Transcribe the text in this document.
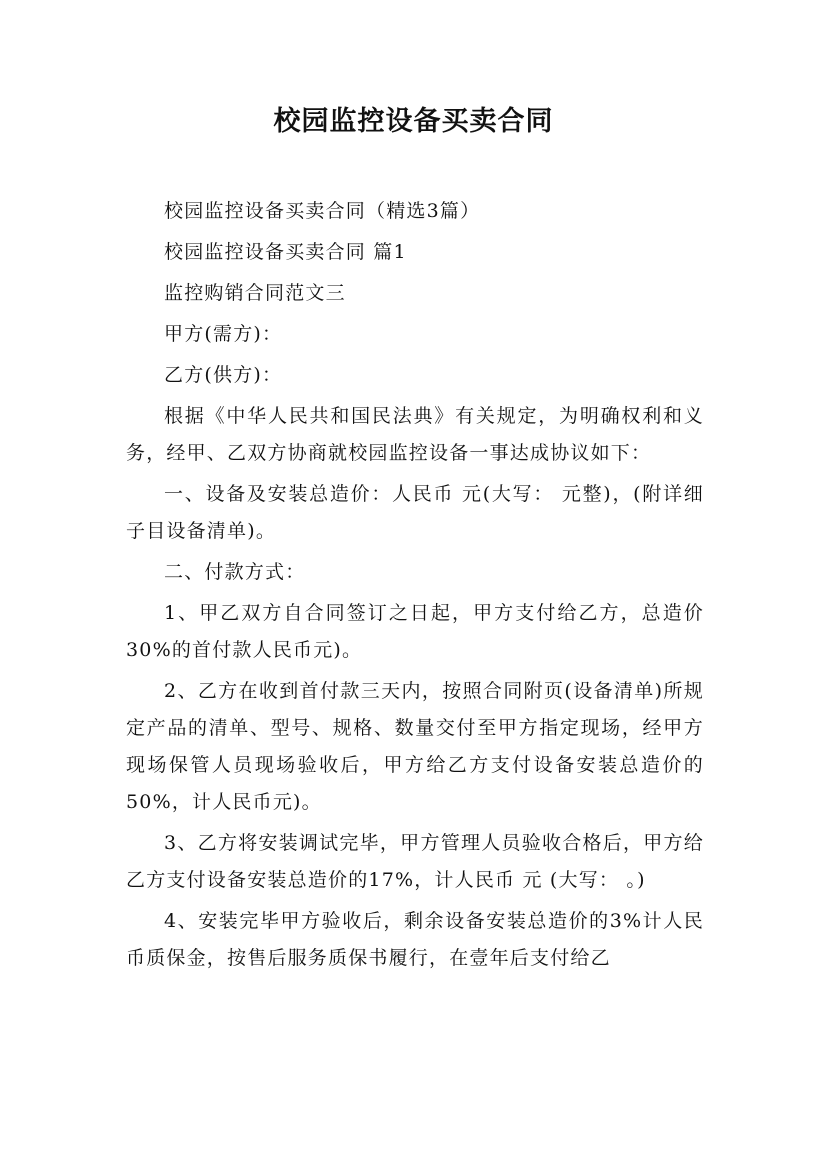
校园监控设备买卖合同

校园监控设备买卖合同（精选3篇）

校园监控设备买卖合同 篇1

监控购销合同范文三

甲方(需方)：

乙方(供方)：

根据《中华人民共和国民法典》有关规定，为明确权利和义务，经甲、乙双方协商就校园监控设备一事达成协议如下：

一、设备及安装总造价：人民币 元(大写： 元整)，(附详细子目设备清单)。

二、付款方式：

1、甲乙双方自合同签订之日起，甲方支付给乙方，总造价30%的首付款人民币元)。

2、乙方在收到首付款三天内，按照合同附页(设备清单)所规定产品的清单、型号、规格、数量交付至甲方指定现场，经甲方现场保管人员现场验收后，甲方给乙方支付设备安装总造价的50%，计人民币元)。

3、乙方将安装调试完毕，甲方管理人员验收合格后，甲方给乙方支付设备安装总造价的17%，计人民币 元 (大写： 。)

4、安装完毕甲方验收后，剩余设备安装总造价的3%计人民币质保金，按售后服务质保书履行，在壹年后支付给乙
